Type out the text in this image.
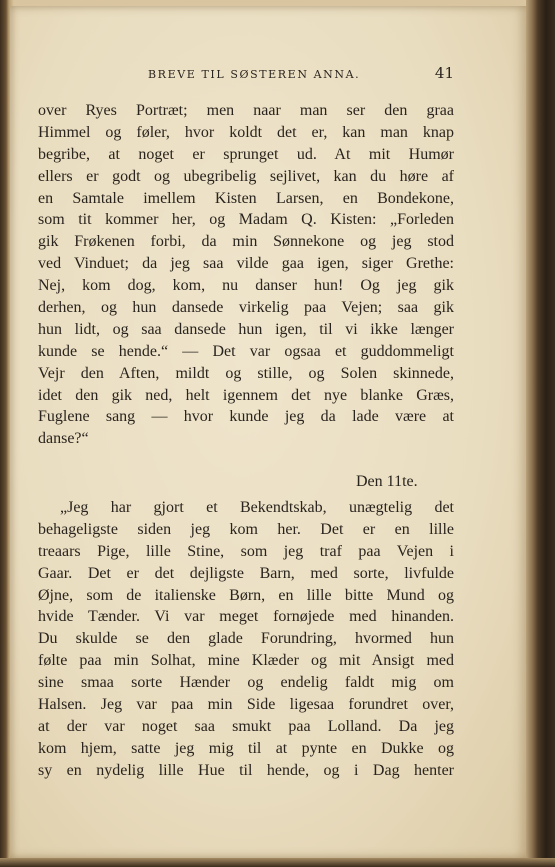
BREVE TIL SØSTEREN ANNA.	41
over Ryes Portræt; men naar man ser den graa
Himmel og føler, hvor koldt det er, kan man knap
begribe, at noget er sprunget ud. At mit Humør
ellers er godt og ubegribelig sejlivet, kan du høre af
en Samtale imellem Kisten Larsen, en Bondekone,
som tit kommer her, og Madam Q. Kisten: „Forleden
gik Frøkenen forbi, da min Sønnekone og jeg stod
ved Vinduet; da jeg saa vilde gaa igen, siger Grethe:
Nej, kom dog, kom, nu danser hun! Og jeg gik
derhen, og hun dansede virkelig paa Vejen; saa gik
hun lidt, og saa dansede hun igen, til vi ikke længer
kunde se hende.“ — Det var ogsaa et guddommeligt
Vejr den Aften, mildt og stille, og Solen skinnede,
idet den gik ned, helt igennem det nye blanke Græs,
Fuglene sang — hvor kunde jeg da lade være at
danse?“
Den 11te.
„Jeg har gjort et Bekendtskab, unægtelig det
behageligste siden jeg kom her. Det er en lille
treaars Pige, lille Stine, som jeg traf paa Vejen i
Gaar. Det er det dejligste Barn, med sorte, livfulde
Øjne, som de italienske Børn, en lille bitte Mund og
hvide Tænder. Vi var meget fornøjede med hinanden.
Du skulde se den glade Forundring, hvormed hun
følte paa min Solhat, mine Klæder og mit Ansigt med
sine smaa sorte Hænder og endelig faldt mig om
Halsen. Jeg var paa min Side ligesaa forundret over,
at der var noget saa smukt paa Lolland. Da jeg
kom hjem, satte jeg mig til at pynte en Dukke og
sy en nydelig lille Hue til hende, og i Dag henter
